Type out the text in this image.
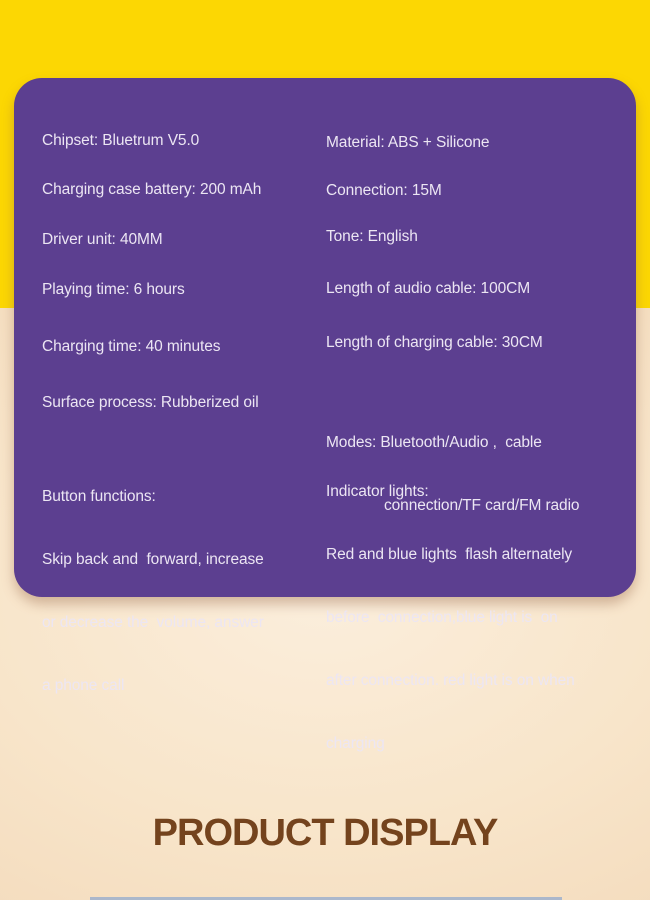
Chipset: Bluetrum V5.0
Charging case battery: 200 mAh
Driver unit: 40MM
Playing time: 6 hours
Charging time: 40 minutes
Surface process: Rubberized oil

Button functions:

Skip back and  forward, increase

or decrease the  volume, answer

a phone call

Material: ABS + Silicone
Connection: 15M
Tone: English
Length of audio cable: 100CM
Length of charging cable: 30CM

Modes: Bluetooth/Audio ,  cable

connection/TF card/FM radio

Indicator lights:

Red and blue lights  flash alternately

before  connection,blue light is  on

after connection. red light is on when

charging

PRODUCT DISPLAY
